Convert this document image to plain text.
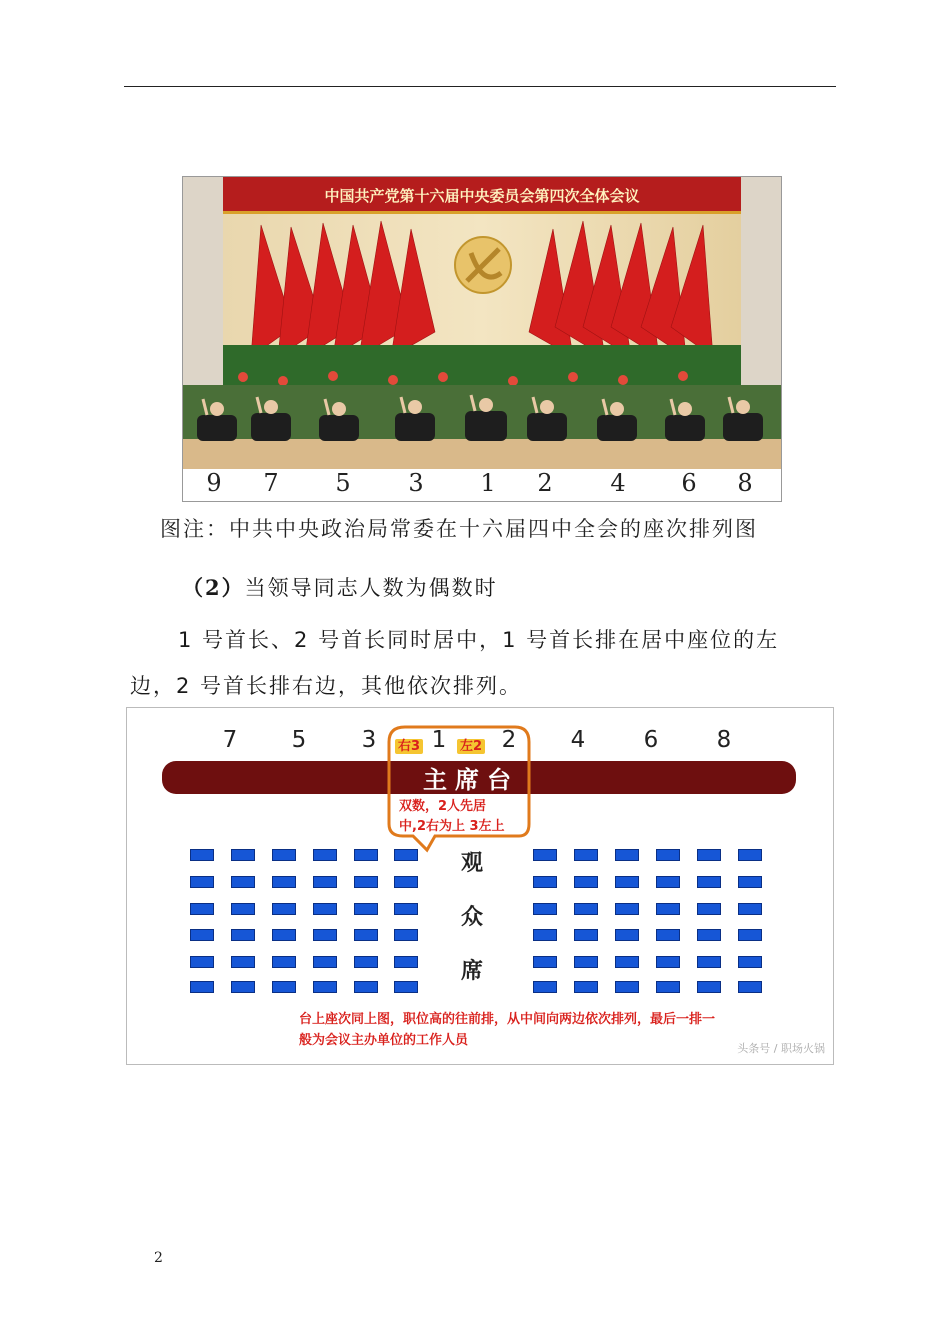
中国共产党第十六届中央委员会第四次全体会议
9 7 5 3 1 2 4 6 8
图注：中共中央政治局常委在十六届四中全会的座次排列图
（2）当领导同志人数为偶数时
1 号首长、2 号首长同时居中，1 号首长排在居中座位的左
边，2 号首长排右边，其他依次排列。
7 5 3 1 2 4	6	8
主席台
右3	左2
双数，2人先居
中,2右为上 3左上
观
众
席
台上座次同上图，职位高的往前排，从中间向两边依次排列，最后一排一般为会议主办单位的工作人员
头条号 / 职场火锅
2
